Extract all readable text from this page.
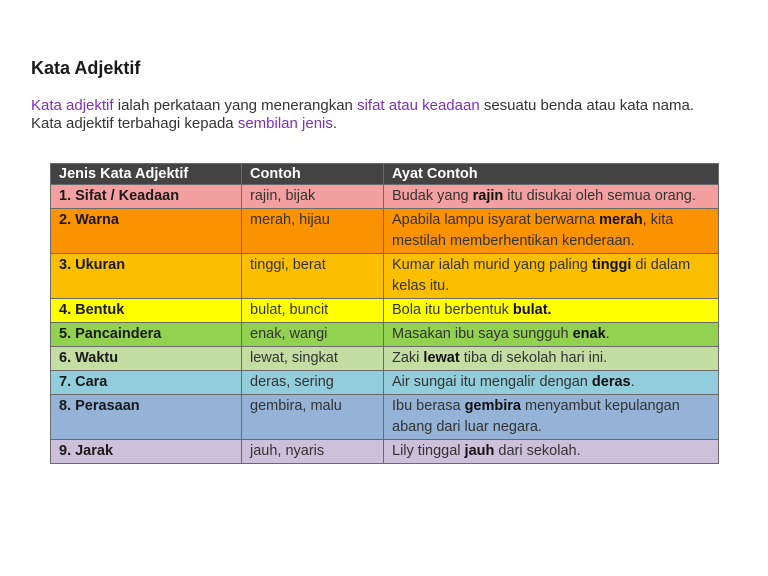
Kata Adjektif

Kata adjektif ialah perkataan yang menerangkan sifat atau keadaan sesuatu benda atau kata nama.

Kata adjektif terbahagi kepada sembilan jenis.

Jenis Kata Adjektif	Contoh	Ayat Contoh
1. Sifat / Keadaan	rajin, bijak	Budak yang rajin itu disukai oleh semua orang.
2. Warna	merah, hijau	Apabila lampu isyarat berwarna merah, kita mestilah memberhentikan kenderaan.
3. Ukuran	tinggi, berat	Kumar ialah murid yang paling tinggi di dalam kelas itu.
4. Bentuk	bulat, buncit	Bola itu berbentuk bulat.
5. Pancaindera	enak, wangi	Masakan ibu saya sungguh enak.
6. Waktu	lewat, singkat	Zaki lewat tiba di sekolah hari ini.
7. Cara	deras, sering	Air sungai itu mengalir dengan deras.
8. Perasaan	gembira, malu	Ibu berasa gembira menyambut kepulangan abang dari luar negara.
9. Jarak	jauh, nyaris	Lily tinggal jauh dari sekolah.
